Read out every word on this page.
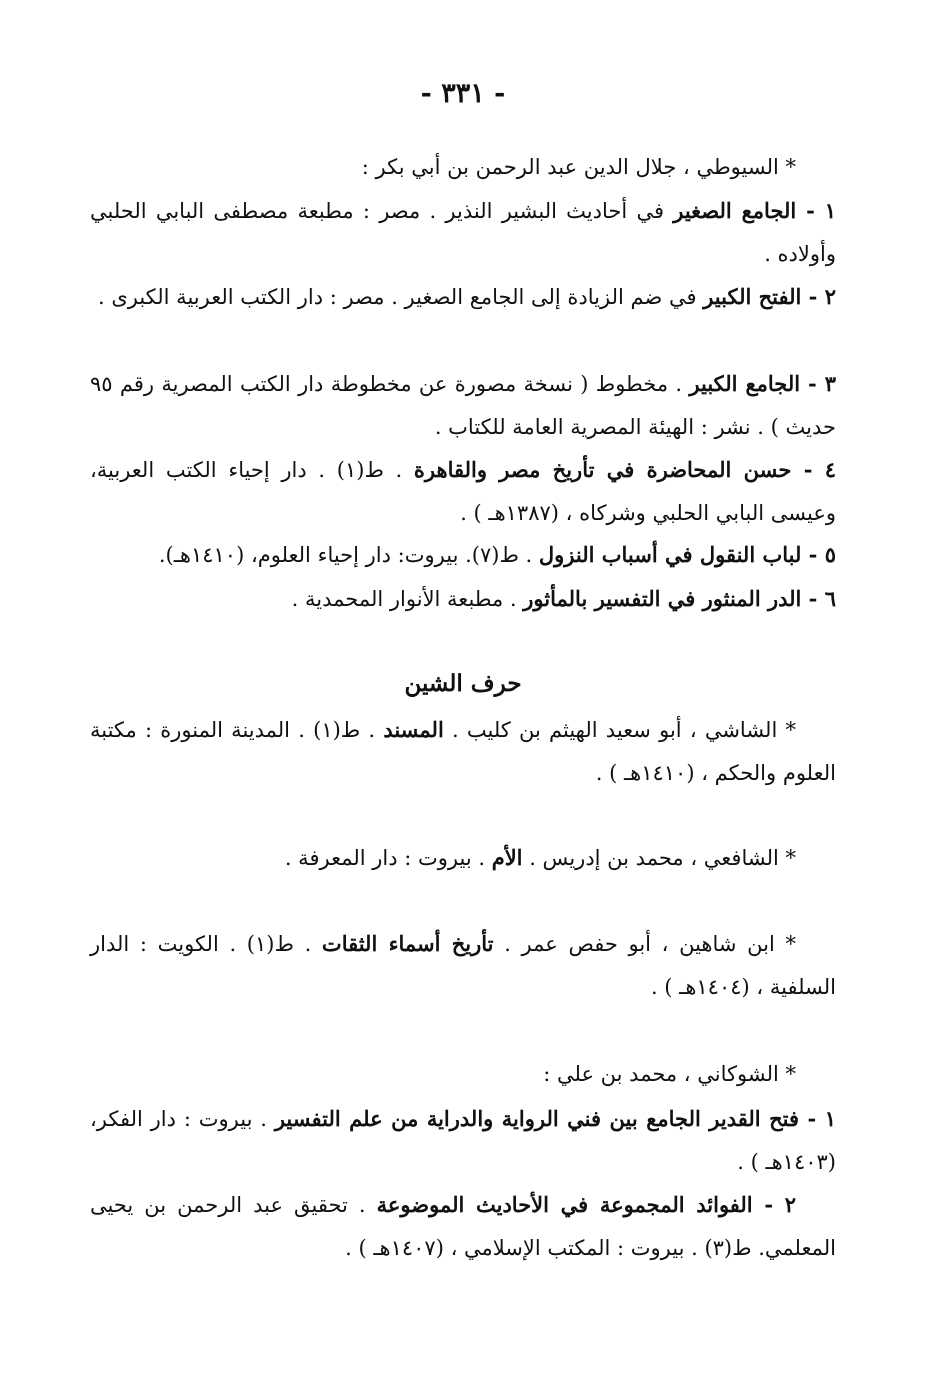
- ٣٣١ -

* السيوطي ، جلال الدين عبد الرحمن بن أبي بكر :

١ - الجامع الصغير في أحاديث البشير النذير . مصر : مطبعة مصطفى البابي الحلبي وأولاده .

٢ - الفتح الكبير في ضم الزيادة إلى الجامع الصغير . مصر : دار الكتب العربية الكبرى .

٣ - الجامع الكبير . مخطوط ( نسخة مصورة عن مخطوطة دار الكتب المصرية رقم ٩٥ حديث ) . نشر : الهيئة المصرية العامة للكتاب .

٤ - حسن المحاضرة في تأريخ مصر والقاهرة . ط(١) . دار إحياء الكتب العربية، وعيسى البابي الحلبي وشركاه ، (١٣٨٧هـ ) .

٥ - لباب النقول في أسباب النزول . ط(٧). بيروت: دار إحياء العلوم، (١٤١٠هـ).

٦ - الدر المنثور في التفسير بالمأثور . مطبعة الأنوار المحمدية .

حرف الشين

* الشاشي ، أبو سعيد الهيثم بن كليب . المسند . ط(١) . المدينة المنورة : مكتبة العلوم والحكم ، (١٤١٠هـ ) .

* الشافعي ، محمد بن إدريس . الأم . بيروت : دار المعرفة .

* ابن شاهين ، أبو حفص عمر . تأريخ أسماء الثقات . ط(١) . الكويت : الدار السلفية ، (١٤٠٤هـ ) .

* الشوكاني ، محمد بن علي :

١ - فتح القدير الجامع بين فني الرواية والدراية من علم التفسير . بيروت : دار الفكر، (١٤٠٣هـ ) .

٢ - الفوائد المجموعة في الأحاديث الموضوعة . تحقيق عبد الرحمن بن يحيى المعلمي. ط(٣) . بيروت : المكتب الإسلامي ، (١٤٠٧هـ ) .
